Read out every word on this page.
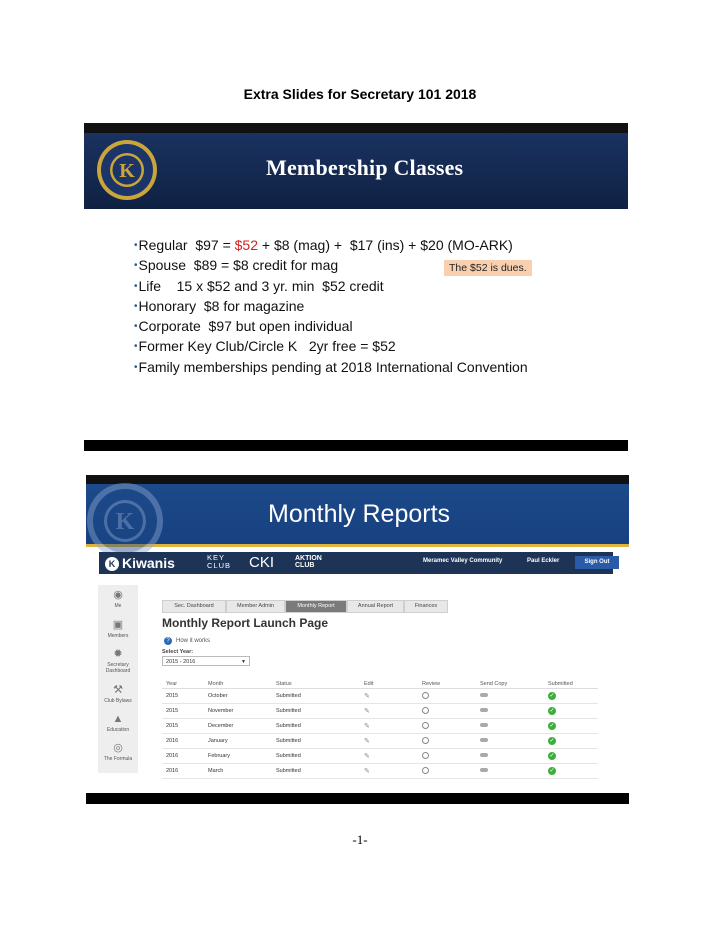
Extra Slides for Secretary 101 2018
K	Membership Classes
•Regular  $97 = $52 + $8 (mag) +  $17 (ins) + $20 (MO-ARK)
•Spouse  $89 = $8 credit for mag
•Life    15 x $52 and 3 yr. min  $52 credit
•Honorary  $8 for magazine
•Corporate  $97 but open individual
•Former Key Club/Circle K   2yr free = $52
•Family memberships pending at 2018 International Convention
The $52 is dues.
K	Monthly Reports
K Kiwanis	KEY CLUB	CKI	AKTION CLUB
Meramec Valley Community	Paul Eckler	Sign Out
◉
Me
▣
Members
✹
Secretary Dashboard
⚒
Club Bylaws
▲
Education
◎
The Formula
Sec. Dashboard	Member Admin	Monthly Report	Annual Report	Finances
Monthly Report Launch Page
? How it works
Select Year:
2015 - 2016	▼
Year	Month	Status	Edit	Review	Send Copy	Submitted
2015	October	Submitted	✎			✓
2015	November	Submitted	✎			✓
2015	December	Submitted	✎			✓
2016	January	Submitted	✎			✓
2016	February	Submitted	✎			✓
2016	March	Submitted	✎			✓
-1-
